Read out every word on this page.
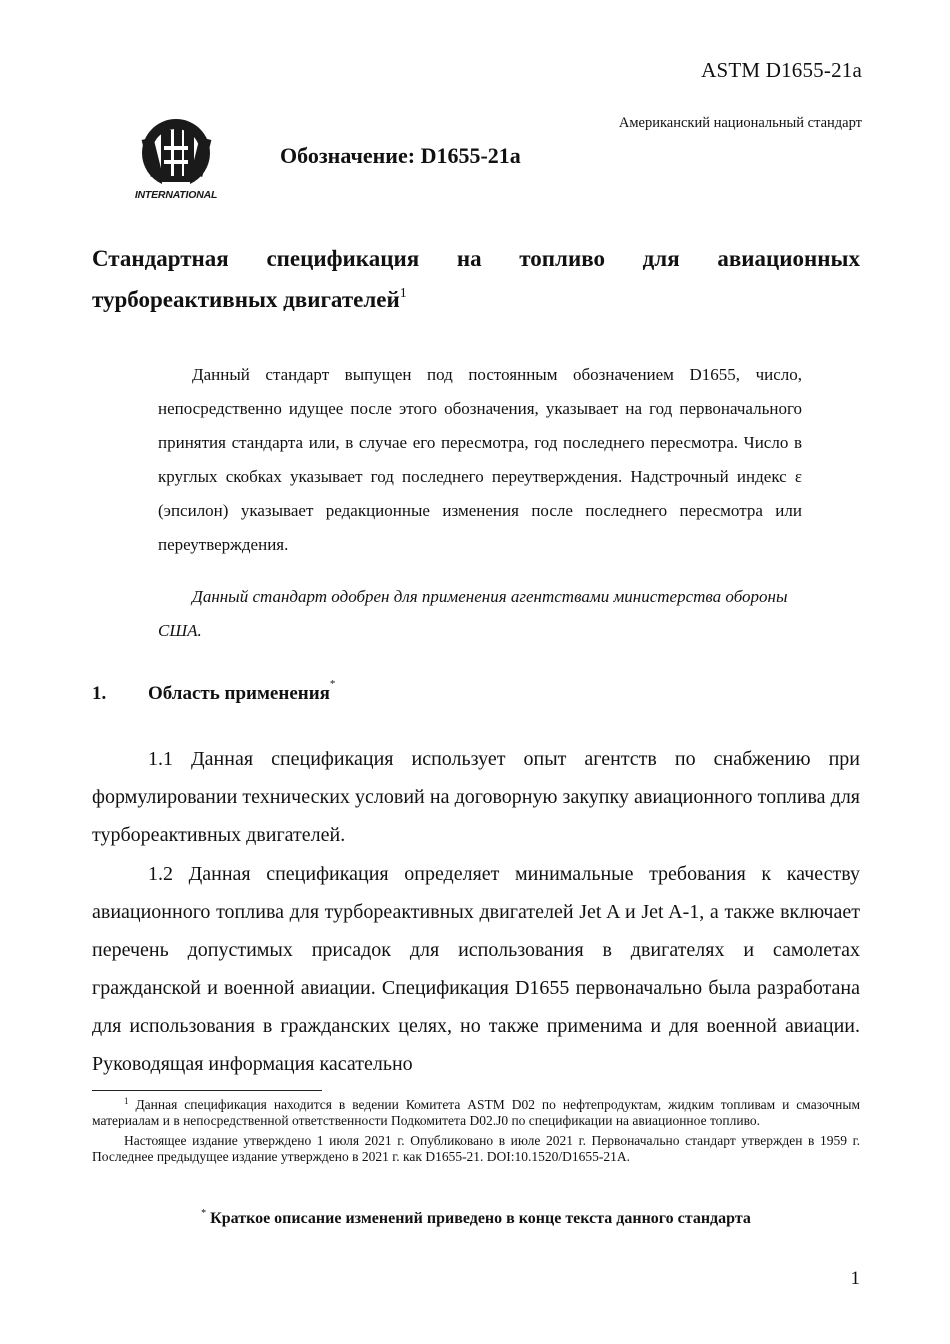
ASTM D1655-21a
Американский национальный стандарт
INTERNATIONAL
Обозначение: D1655-21a
Стандартная спецификация на топливо для авиационных
турбореактивных двигателей$^1$

Данный стандарт выпущен под постоянным обозначением D1655, число, непосредственно идущее после этого обозначения, указывает на год первоначального принятия стандарта или, в случае его пересмотра, год последнего пересмотра. Число в круглых скобках указывает год последнего переутверждения. Надстрочный индекс ε (эпсилон) указывает редакционные изменения после последнего пересмотра или переутверждения.

Данный стандарт одобрен для применения агентствами министерства обороны США.

1. Область применения*

1.1 Данная спецификация использует опыт агентств по снабжению при формулировании технических условий на договорную закупку авиационного топлива для турбореактивных двигателей.

1.2 Данная спецификация определяет минимальные требования к качеству авиационного топлива для турбореактивных двигателей Jet A и Jet A-1, а также включает перечень допустимых присадок для использования в двигателях и самолетах гражданской и военной авиации. Спецификация D1655 первоначально была разработана для использования в гражданских целях, но также применима и для военной авиации. Руководящая информация касательно

$^1$ Данная спецификация находится в ведении Комитета ASTM D02 по нефтепродуктам, жидким топливам и смазочным материалам и в непосредственной ответственности Подкомитета D02.J0 по спецификации на авиационное топливо.

Настоящее издание утверждено 1 июля 2021 г. Опубликовано в июле 2021 г. Первоначально стандарт утвержден в 1959 г. Последнее предыдущее издание утверждено в 2021 г. как D1655-21. DOI:10.1520/D1655-21A.

* Краткое описание изменений приведено в конце текста данного стандарта
1
